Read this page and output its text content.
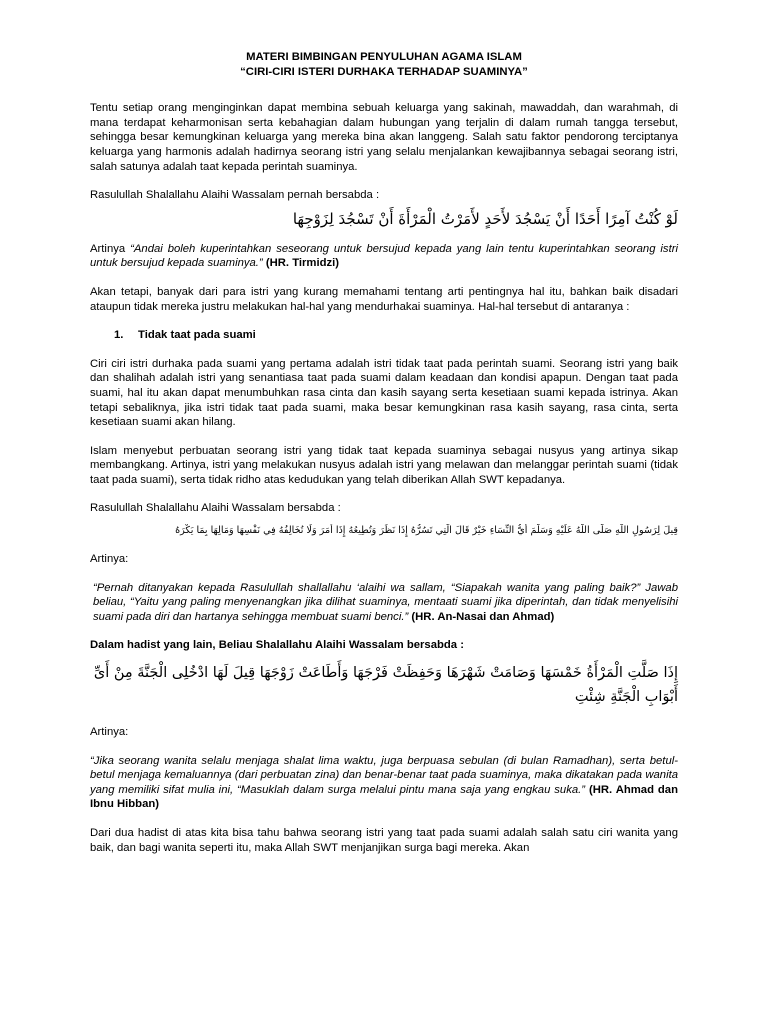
MATERI BIMBINGAN PENYULUHAN AGAMA ISLAM

“CIRI-CIRI ISTERI DURHAKA TERHADAP SUAMINYA”

Tentu setiap orang menginginkan dapat membina sebuah keluarga yang sakinah, mawaddah, dan warahmah, di mana terdapat keharmonisan serta kebahagian dalam hubungan yang terjalin di dalam rumah tangga tersebut, sehingga besar kemungkinan keluarga yang mereka bina akan langgeng. Salah satu faktor pendorong terciptanya keluarga yang harmonis adalah hadirnya seorang istri yang selalu menjalankan kewajibannya sebagai seorang istri, salah satunya adalah taat kepada perintah suaminya.

Rasulullah Shalallahu Alaihi Wassalam pernah bersabda :

لَوْ كُنْتُ آمِرًا أَحَدًا أَنْ يَسْجُدَ لأَحَدٍ لأَمَرْتُ الْمَرْأَةَ أَنْ تَسْجُدَ لِزَوْجِهَا

Artinya “Andai boleh kuperintahkan seseorang untuk bersujud kepada yang lain tentu kuperintahkan seorang istri untuk bersujud kepada suaminya.” (HR. Tirmidzi)

Akan tetapi, banyak dari para istri yang kurang memahami tentang arti pentingnya hal itu, bahkan baik disadari ataupun tidak mereka justru melakukan hal-hal yang mendurhakai suaminya. Hal-hal tersebut di antaranya :

1.	Tidak taat pada suami

Ciri ciri istri durhaka pada suami yang pertama adalah istri tidak taat pada perintah suami. Seorang istri yang baik dan shalihah adalah istri yang senantiasa taat pada suami dalam keadaan dan kondisi apapun. Dengan taat pada suami, hal itu akan dapat menumbuhkan rasa cinta dan kasih sayang serta kesetiaan suami kepada istrinya. Akan tetapi sebaliknya, jika istri tidak taat pada suami, maka besar kemungkinan rasa kasih sayang, rasa cinta, serta kesetiaan suami akan hilang.

Islam menyebut perbuatan seorang istri yang tidak taat kepada suaminya sebagai nusyus yang artinya sikap membangkang. Artinya, istri yang melakukan nusyus adalah istri yang melawan dan melanggar perintah suami (tidak taat pada suami), serta tidak ridho atas kedudukan yang telah diberikan Allah SWT kepadanya.

Rasulullah Shalallahu Alaihi Wassalam bersabda :

قِيلَ لِرَسُولِ اللَّهِ صَلَّى اللَّهُ عَلَيْهِ وَسَلَّمَ أَيُّ النِّسَاءِ خَيْرٌ قَالَ الَّتِي تَسُرُّهُ إِذَا نَظَرَ وَتُطِيعُهُ إِذَا أَمَرَ وَلَا تُخَالِفُهُ فِي نَفْسِهَا وَمَالِهَا بِمَا يَكْرَهُ

Artinya:

“Pernah ditanyakan kepada Rasulullah shallallahu ‘alaihi wa sallam, “Siapakah wanita yang paling baik?” Jawab beliau, “Yaitu yang paling menyenangkan jika dilihat suaminya, mentaati suami jika diperintah, dan tidak menyelisihi suami pada diri dan hartanya sehingga membuat suami benci.” (HR. An-Nasai dan Ahmad)

Dalam hadist yang lain, Beliau Shalallahu Alaihi Wassalam bersabda :

إِذَا صَلَّتِ الْمَرْأَةُ خَمْسَهَا وَصَامَتْ شَهْرَهَا وَحَفِظَتْ فَرْجَهَا وَأَطَاعَتْ زَوْجَهَا قِيلَ لَهَا ادْخُلِى الْجَنَّةَ مِنْ أَىِّ أَبْوَابِ الْجَنَّةِ شِئْتِ

Artinya:

“Jika seorang wanita selalu menjaga shalat lima waktu, juga berpuasa sebulan (di bulan Ramadhan), serta betul-betul menjaga kemaluannya (dari perbuatan zina) dan benar-benar taat pada suaminya, maka dikatakan pada wanita yang memiliki sifat mulia ini, “Masuklah dalam surga melalui pintu mana saja yang engkau suka.” (HR. Ahmad dan Ibnu Hibban)

Dari dua hadist di atas kita bisa tahu bahwa seorang istri yang taat pada suami adalah salah satu ciri wanita yang baik, dan bagi wanita seperti itu, maka Allah SWT menjanjikan surga bagi mereka. Akan
